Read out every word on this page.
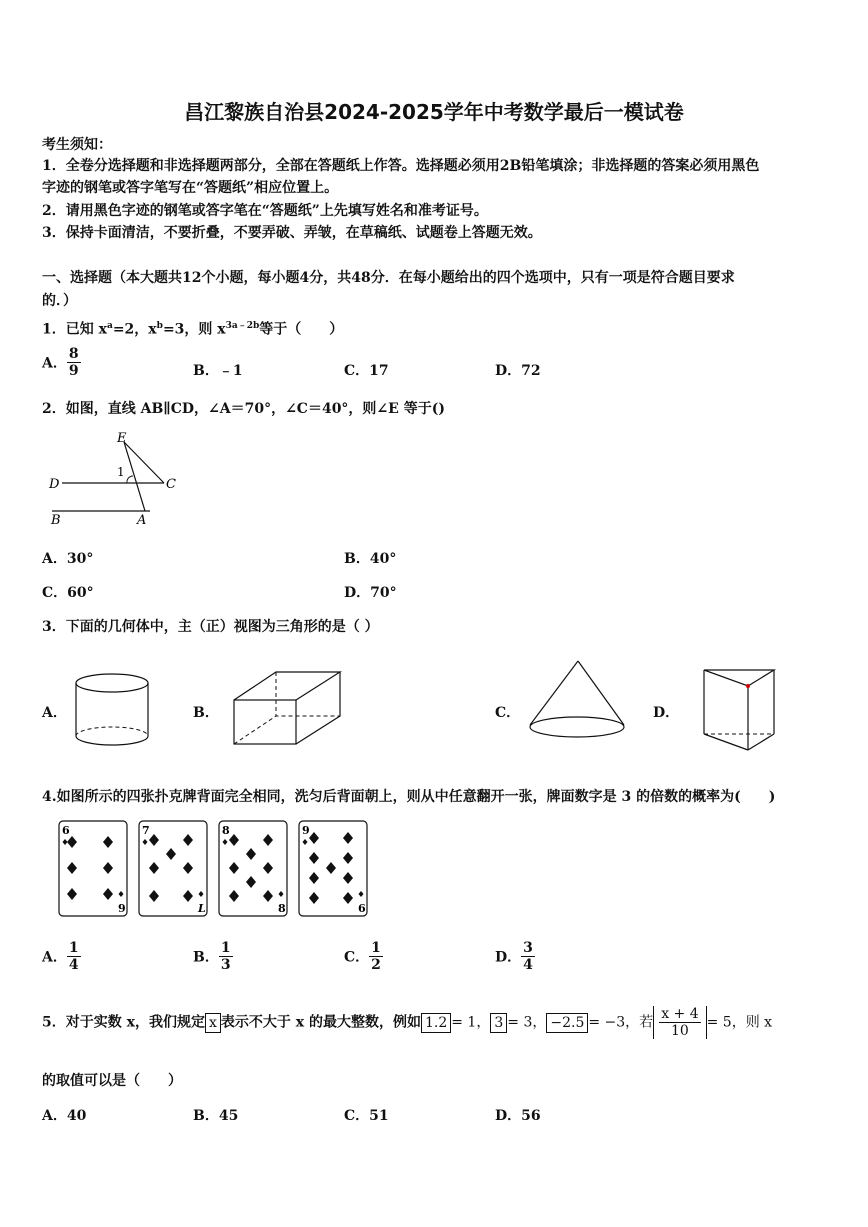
昌江黎族自治县2024-2025学年中考数学最后一模试卷
考生须知：
1．全卷分选择题和非选择题两部分，全部在答题纸上作答。选择题必须用2B铅笔填涂；非选择题的答案必须用黑色
字迹的钢笔或答字笔写在“答题纸”相应位置上。
2．请用黑色字迹的钢笔或答字笔在“答题纸”上先填写姓名和准考证号。
3．保持卡面清洁，不要折叠，不要弄破、弄皱，在草稿纸、试题卷上答题无效。
一、选择题（本大题共12个小题，每小题4分，共48分．在每小题给出的四个选项中，只有一项是符合题目要求
的．）
1．已知 $x^a=2$，$x^b=3$，则 $x^{3a﹣2b}$等于（　　）
A． $\frac{8}{9}$	B．﹣1	C．17	D．72
2．如图，直线 AB∥CD，∠A＝70°，∠C＝40°，则∠E 等于()
E
1
D	C
B	A
A．30°	B．40°
C．60°	D．70°
3．下面的几何体中，主（正）视图为三角形的是（ ）
A．	B．	C．	D．
4.如图所示的四张扑克牌背面完全相同，洗匀后背面朝上，则从中任意翻开一张，牌面数字是 3 的倍数的概率为(　　)
6
9
7
L
8
8
9
6
A． $\frac{1}{4}$	B． $\frac{1}{3}$	C． $\frac{1}{2}$	D． $\frac{3}{4}$
5．对于实数 x，我们规定 x 表示不大于 x 的最大整数，例如 1.2 = 1， 3 = 3， −2.5 = −3，若 $\frac{x + 4}{10} = 5$，则 x
的取值可以是（　　）
A．40	B．45	C．51	D．56
